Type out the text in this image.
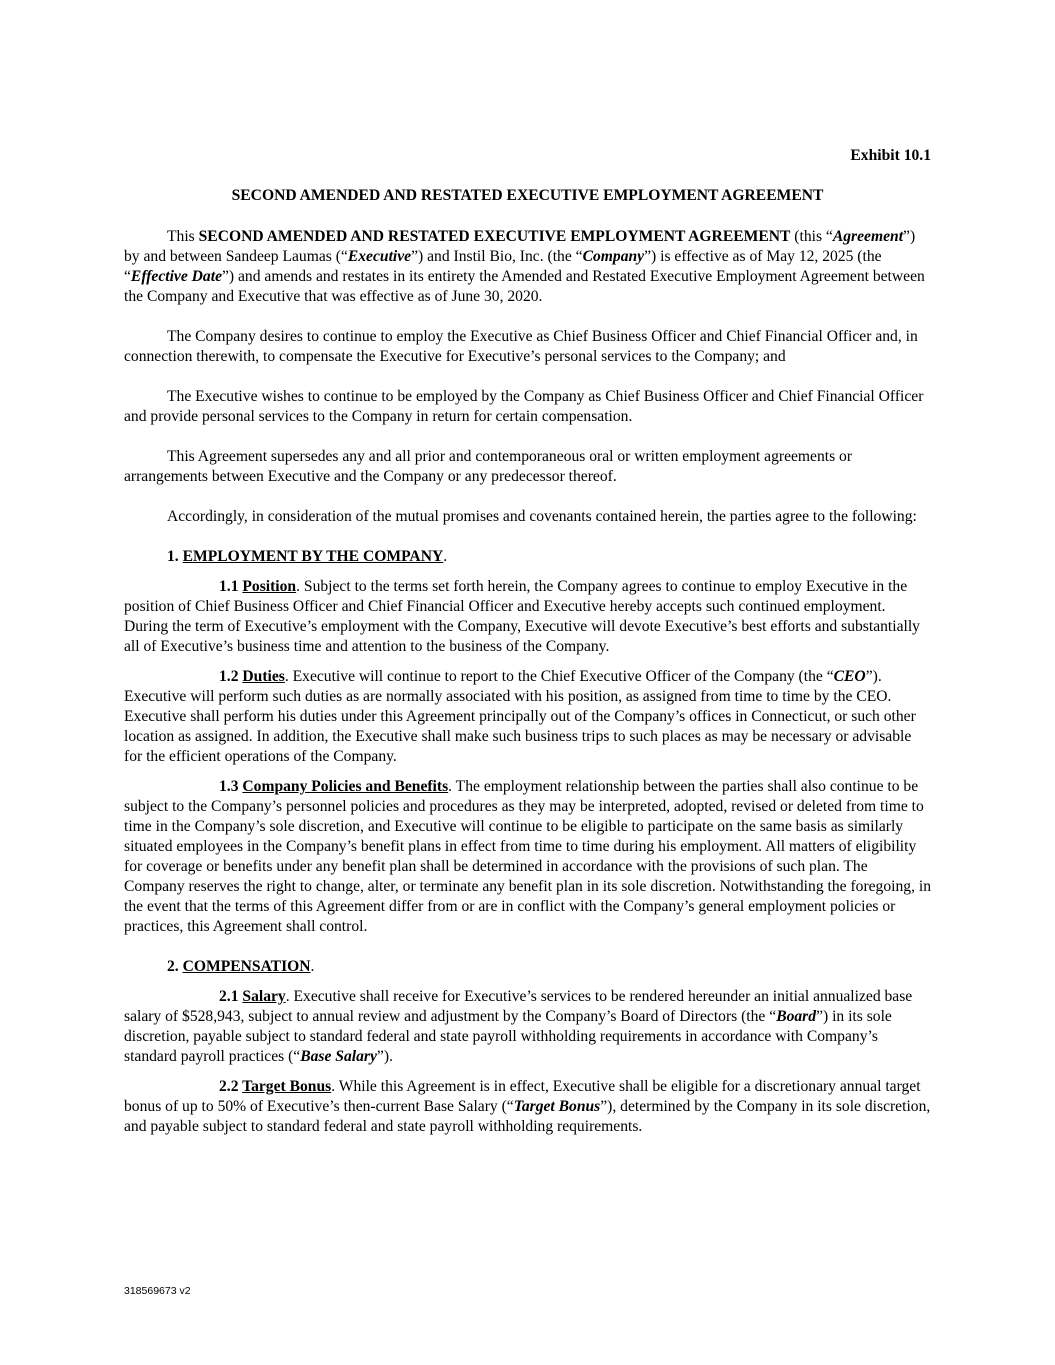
Exhibit 10.1
SECOND AMENDED AND RESTATED EXECUTIVE EMPLOYMENT AGREEMENT

This SECOND AMENDED AND RESTATED EXECUTIVE EMPLOYMENT AGREEMENT (this “Agreement”) by and between Sandeep Laumas (“Executive”) and Instil Bio, Inc. (the “Company”) is effective as of May 12, 2025 (the “Effective Date”) and amends and restates in its entirety the Amended and Restated Executive Employment Agreement between the Company and Executive that was effective as of June 30, 2020.

The Company desires to continue to employ the Executive as Chief Business Officer and Chief Financial Officer and, in connection therewith, to compensate the Executive for Executive’s personal services to the Company; and

The Executive wishes to continue to be employed by the Company as Chief Business Officer and Chief Financial Officer and provide personal services to the Company in return for certain compensation.

This Agreement supersedes any and all prior and contemporaneous oral or written employment agreements or arrangements between Executive and the Company or any predecessor thereof.

Accordingly, in consideration of the mutual promises and covenants contained herein, the parties agree to the following:

1. EMPLOYMENT BY THE COMPANY.

1.1 Position. Subject to the terms set forth herein, the Company agrees to continue to employ Executive in the position of Chief Business Officer and Chief Financial Officer and Executive hereby accepts such continued employment. During the term of Executive’s employment with the Company, Executive will devote Executive’s best efforts and substantially all of Executive’s business time and attention to the business of the Company.

1.2 Duties. Executive will continue to report to the Chief Executive Officer of the Company (the “CEO”). Executive will perform such duties as are normally associated with his position, as assigned from time to time by the CEO. Executive shall perform his duties under this Agreement principally out of the Company’s offices in Connecticut, or such other location as assigned. In addition, the Executive shall make such business trips to such places as may be necessary or advisable for the efficient operations of the Company.

1.3 Company Policies and Benefits. The employment relationship between the parties shall also continue to be subject to the Company’s personnel policies and procedures as they may be interpreted, adopted, revised or deleted from time to time in the Company’s sole discretion, and Executive will continue to be eligible to participate on the same basis as similarly situated employees in the Company’s benefit plans in effect from time to time during his employment. All matters of eligibility for coverage or benefits under any benefit plan shall be determined in accordance with the provisions of such plan. The Company reserves the right to change, alter, or terminate any benefit plan in its sole discretion. Notwithstanding the foregoing, in the event that the terms of this Agreement differ from or are in conflict with the Company’s general employment policies or practices, this Agreement shall control.

2. COMPENSATION.

2.1 Salary. Executive shall receive for Executive’s services to be rendered hereunder an initial annualized base salary of $528,943, subject to annual review and adjustment by the Company’s Board of Directors (the “Board”) in its sole discretion, payable subject to standard federal and state payroll withholding requirements in accordance with Company’s standard payroll practices (“Base Salary”).

2.2 Target Bonus. While this Agreement is in effect, Executive shall be eligible for a discretionary annual target bonus of up to 50% of Executive’s then-current Base Salary (“Target Bonus”), determined by the Company in its sole discretion, and payable subject to standard federal and state payroll withholding requirements.

318569673 v2
